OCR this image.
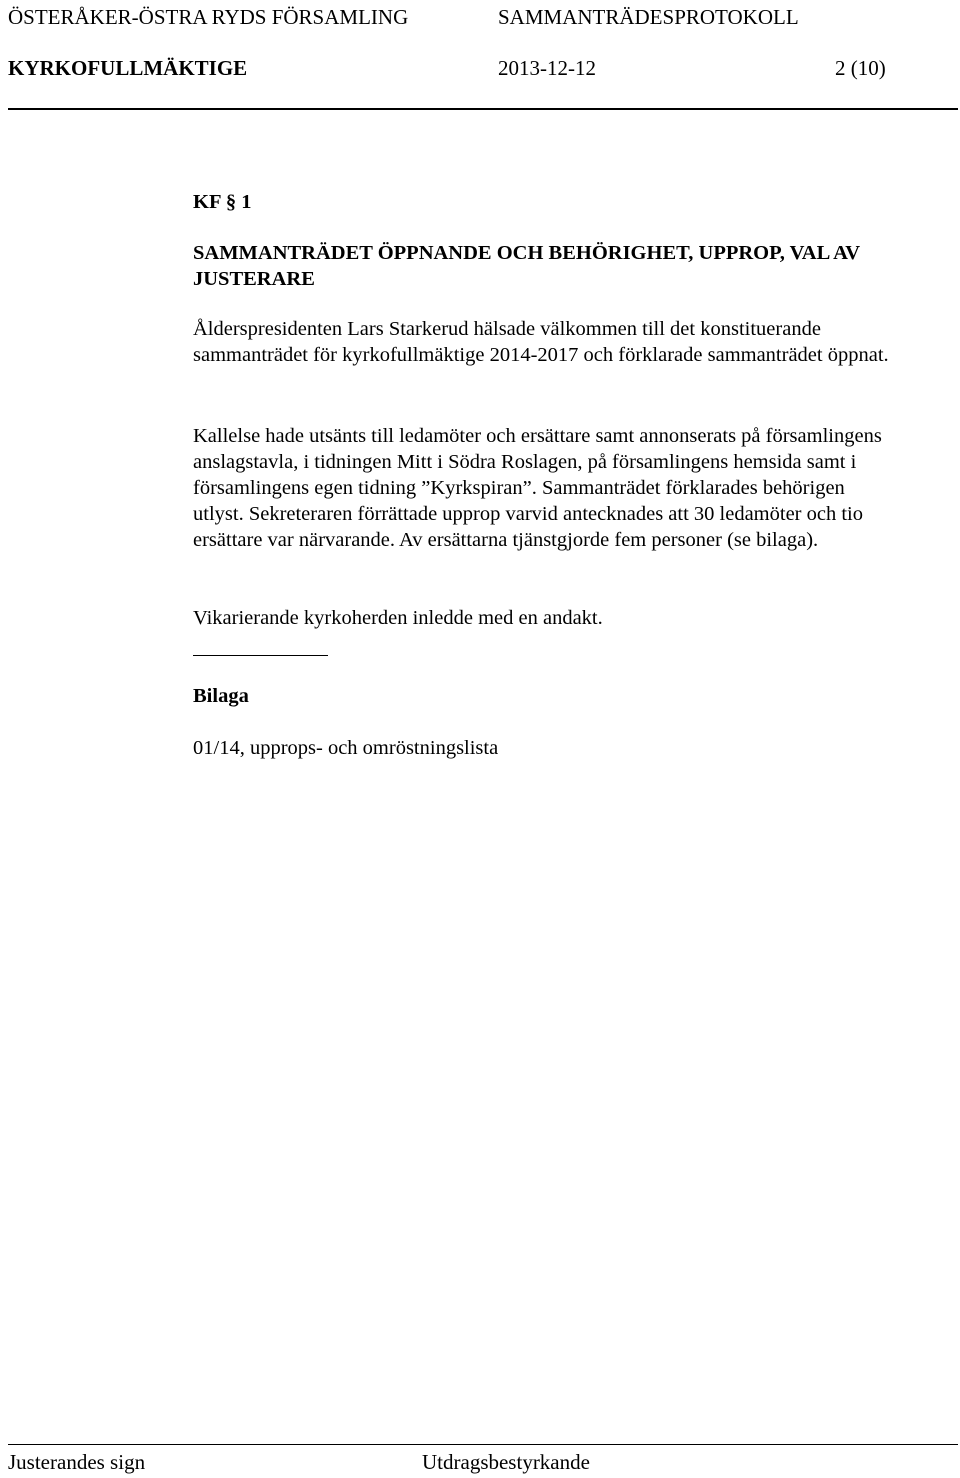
ÖSTERÅKER-ÖSTRA RYDS FÖRSAMLING	SAMMANTRÄDESPROTOKOLL
KYRKOFULLMÄKTIGE	2013-12-12	2 (10)
KF § 1
SAMMANTRÄDET ÖPPNANDE OCH BEHÖRIGHET, UPPROP, VAL AV JUSTERARE
Ålderspresidenten Lars Starkerud hälsade välkommen till det konstituerande sammanträdet för kyrkofullmäktige 2014-2017 och förklarade sammanträdet öppnat.
Kallelse hade utsänts till ledamöter och ersättare samt annonserats på församlingens anslagstavla, i tidningen Mitt i Södra Roslagen, på församlingens hemsida samt i församlingens egen tidning ”Kyrkspiran”. Sammanträdet förklarades behörigen utlyst. Sekreteraren förrättade upprop varvid antecknades att 30 ledamöter och tio ersättare var närvarande. Av ersättarna tjänstgjorde fem personer (se bilaga).
Vikarierande kyrkoherden inledde med en andakt.
Bilaga
01/14, upprops- och omröstningslista
Justerandes sign	Utdragsbestyrkande
